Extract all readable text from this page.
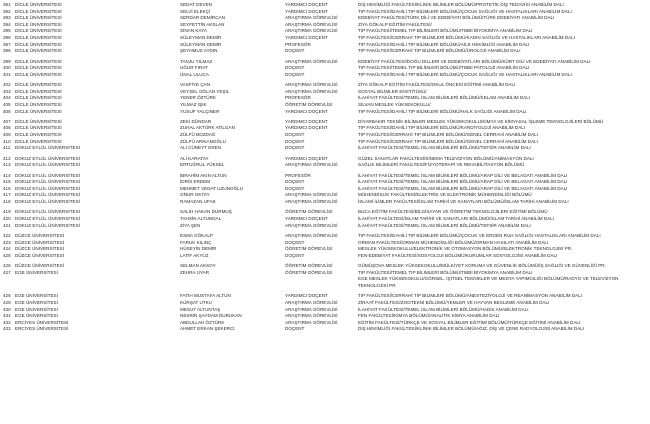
391 DİCLE ÜNİVERSİTESİ	SEDAT DEVEN	YARDIMCI DOÇENT	DİŞ HEKİMLİĞİ FAKÜLTESİ/KLİNİK BİLİMLER BÖLÜMÜ/PROTETİK DİŞ TEDAVİSİ ANABİLİM DALI
392 DİCLE ÜNİVERSİTESİ	SELVİ ELEKÇİ	YARDIMCI DOÇENT	TIP FAKÜLTESİ/DAHİLİ TIP BİLİMLERİ BÖLÜMÜ/ÇOCUK SAĞLIĞI VE HASTALIKLARI ANABİLİM DALI
393 DİCLE ÜNİVERSİTESİ	SERDAR DEMİRCAN	ARAŞTIRMA GÖREVLİSİ	EDEBİYAT FAKÜLTESİ/TÜRK DİLİ VE EDEBİYATI BÖLÜMÜ/TÜRK EDEBİYATI ANABİLİM DALI
394 DİCLE ÜNİVERSİTESİ	SEYFETTİN AKSLAN	ARAŞTIRMA GÖREVLİSİ	ZİYA GÖKALP EĞİTİM FAKÜLTESİ/
395 DİCLE ÜNİVERSİTESİ	SİNAN KAYA	ARAŞTIRMA GÖREVLİSİ	TIP FAKÜLTESİ/TEMEL TIP BİLİMLERİ BÖLÜMÜ/TIBBİ BİYOKİMYA ANABİLİM DALI
396 DİCLE ÜNİVERSİTESİ	SÜLEYMAN DEMİR	YARDIMCI DOÇENT	TIP FAKÜLTESİ/CERRAHİ TIP BİLİMLERİ BÖLÜMÜ/KADIN SAĞLIĞI VE HASTALIKLARI ANABİLİM DALI
397 DİCLE ÜNİVERSİTESİ	SÜLEYMAN DEMİR	PROFESÖR	TIP FAKÜLTESİ/DAHİLİ TIP BİLİMLERİ BÖLÜMÜ/AİLE HEKİMLİĞİ ANABİLİM DALI
398 DİCLE ÜNİVERSİTESİ	ŞEYHMUS AYDIN	DOÇENT	TIP FAKÜLTESİ/CERRAHİ TIP BİLİMLERİ BÖLÜMÜ/ÜROLOJİ ANABİLİM DALI
399 DİCLE ÜNİVERSİTESİ	TANJU YILMAZ	ARAŞTIRMA GÖREVLİSİ	EDEBİYAT FAKÜLTESİ/DOĞU DİLLERİ VE EDEBİYATLARI BÖLÜMÜ/KÜRT DİLİ VE EDEBİYATI ANABİLİM DALI
400 DİCLE ÜNİVERSİTESİ	UĞUR FIRAT	DOÇENT	TIP FAKÜLTESİ/TEMEL TIP BİLİMLERİ BÖLÜMÜ/TIBBİ PATOLOJİ ANABİLİM DALI
401 DİCLE ÜNİVERSİTESİ	ÜNAL ULUCA	DOÇENT	TIP FAKÜLTESİ/DAHİLİ TIP BİLİMLERİ BÖLÜMÜ/ÇOCUK SAĞLIĞI VE HASTALIKLARI ANABİLİM DALI
402 DİCLE ÜNİVERSİTESİ	VASFİYE ÇAN	ARAŞTIRMA GÖREVLİSİ	ZİYA GÖKALP EĞİTİM FAKÜLTESİ/OKUL ÖNCESİ EĞİTİMİ ANABİLİM DALI
403 DİCLE ÜNİVERSİTESİ	VEYSEL OĞLAN YEŞİL	ARAŞTIRMA GÖREVLİSİ	SOSYAL BİLİMLER ENSTİTÜSÜ/
404 DİCLE ÜNİVERSİTESİ	YENER ÖZTÜRK	PROFESÖR	İLAHİYAT FAKÜLTESİ/TEMEL İSLAM BİLİMLERİ BÖLÜMÜ/KELAM ANABİLİM DALI
405 DİCLE ÜNİVERSİTESİ	YILMAZ IŞIK	ÖĞRETİM GÖREVLİSİ	SİLVAN MESLEK YÜKSEKOKULU/
406 DİCLE ÜNİVERSİTESİ	YUSUF YALÇINER	YARDIMCI DOÇENT	TIP FAKÜLTESİ/DAHİLİ TIP BİLİMLERİ BÖLÜMÜ/HALK SAĞLIĞI ANABİLİM DALI
407 DİCLE ÜNİVERSİTESİ	ZEKİ DÜNDAR	YARDIMCI DOÇENT	DİYARBAKIR TEKNİK BİLİMLER MESLEK YÜKSEKOKULU/KİMYA VE KİMYASAL İŞLEME TEKNOLOJİLERİ BÖLÜMÜ
408 DİCLE ÜNİVERSİTESİ	ZUHAL AKTÜRK ATİLGAN	YARDIMCI DOÇENT	TIP FAKÜLTESİ/DAHİLİ TIP BİLİMLERİ BÖLÜMÜ/KARDİYOLOJİ ANABİLİM DALI
409 DİCLE ÜNİVERSİTESİ	ZÜLFÜ BOZDAĞ	DOÇENT	TIP FAKÜLTESİ/CERRAHİ TIP BİLİMLERİ BÖLÜMÜ/GENEL CERRAHİ ANABİLİM DALI
410 DİCLE ÜNİVERSİTESİ	ZÜLFÜ ARIKANOĞLU	DOÇENT	TIP FAKÜLTESİ/CERRAHİ TIP BİLİMLERİ BÖLÜMÜ/GENEL CERRAHİ ANABİLİM DALI
411	DOKUZ EYLÜL ÜNİVERSİTESİ	ALİ CÜNEYT EREN	DOÇENT	İLAHİYAT FAKÜLTESİ/TEMEL İSLAM BİLİMLERİ BÖLÜMÜ/TEFSİR ANABİLİM DALI
412 DOKUZ EYLÜL ÜNİVERSİTESİ	ALİ KARATAY	YARDIMCI DOÇENT	GÜZEL SANATLAR FAKÜLTESİ/SİNEMA TELEVİZYON BÖLÜMÜ/ANİMASYON DALI
413 DOKUZ EYLÜL ÜNİVERSİTESİ	ERTUĞRUL YÜKSEL	ARAŞTIRMA GÖREVLİSİ	SAĞLIK BİLİMLERİ FAKÜLTESİ/FİZYOTERAPİ VE REHABİLİTASYON BÖLÜMÜ
414 DOKUZ EYLÜL ÜNİVERSİTESİ	İBRAHİM AKIN ALTUN	PROFESÖR	İLAHİYAT FAKÜLTESİ/TEMEL İSLAM BİLİMLERİ BÖLÜMÜ/ARAP DİLİ VE BELAGATI ANABİLİM DALI
415 DOKUZ EYLÜL ÜNİVERSİTESİ	İDRİS ERDEM	DOÇENT	İLAHİYAT FAKÜLTESİ/TEMEL İSLAM BİLİMLERİ BÖLÜMÜ/ARAP DİLİ VE BELAGATI ANABİLİM DALI
416 DOKUZ EYLÜL ÜNİVERSİTESİ	MEHMET VEDAT UZUNOĞLU	DOÇENT	İLAHİYAT FAKÜLTESİ/TEMEL İSLAM BİLİMLERİ BÖLÜMÜ/ARAP DİLİ VE BELAGATI ANABİLİM DALI
417 DOKUZ EYLÜL ÜNİVERSİTESİ	ONUR OKTAY	ARAŞTIRMA GÖREVLİSİ	MÜHENDİSLİK FAKÜLTESİ/ELEKTRİK VE ELEKTRONİK MÜHENDİSLİĞİ BÖLÜMÜ
418 DOKUZ EYLÜL ÜNİVERSİTESİ	RAMAZAN UFAK	ARAŞTIRMA GÖREVLİSİ	İSLAMİ İLİMLER FAKÜLTESİ/İSLAM TARİHİ VE SANATLARI BÖLÜMÜ/İSLAM TARİHİ ANABİLİM DALI
419 DOKUZ EYLÜL ÜNİVERSİTESİ	SALİH HAKAN DURMUŞ	ÖĞRETİM GÖREVLİSİ	BUCA EĞİTİM FAKÜLTESİ/BİLGİSAYAR VE ÖĞRETİM TEKNOLOJİLERİ EĞİTİMİ BÖLÜMÜ
420 DOKUZ EYLÜL ÜNİVERSİTESİ	TAHSİN ALTUNDAL	YARDIMCI DOÇENT	İLAHİYAT FAKÜLTESİ/İSLAM TARİHİ VE SANATLARI BÖLÜMÜ/İSLAM TARİHİ ANABİLİM DALI
421 DOKUZ EYLÜL ÜNİVERSİTESİ	ZİYA ŞEN	ARAŞTIRMA GÖREVLİSİ	İLAHİYAT FAKÜLTESİ/TEMEL İSLAM BİLİMLERİ BÖLÜMÜ/TEFSİR ANABİLİM DALI
422 DÜZCE ÜNİVERSİTESİ	ESMA GÖKALP	ARAŞTIRMA GÖREVLİSİ	TIP FAKÜLTESİ/DAHİLİ TIP BİLİMLERİ BÖLÜMÜ/ÇOCUK VE ERGEN RUH SAĞLIĞI HASTALIKLARI ANABİLİM DALI
423 DÜZCE ÜNİVERSİTESİ	FARUK KILINÇ	DOÇENT	ORMAN FAKÜLTESİ/ORMAN MÜHENDİSLİĞİ BÖLÜMÜ/ORMAN HASILATI ANABİLİM DALI
424 DÜZCE ÜNİVERSİTESİ	HÜSEYİN DEMİR	ÖĞRETİM GÖREVLİSİ	MESLEK YÜKSEKOKULU/ELEKTRONİK VE OTOMASYON BÖLÜMÜ/ELEKTRONİK TEKNOLOJİSİ PR.
425 DÜZCE ÜNİVERSİTESİ	LATİF AKYÜZ	DOÇENT	FEN-EDEBİYAT FAKÜLTESİ/SOSYOLOJİ BÖLÜMÜ/KURUMLAR SOSYOLOJİSİ ANABİLİM DALI
426 DÜZCE ÜNİVERSİTESİ	SELMAN AKSOY	ÖĞRETİM GÖREVLİSİ	GÜMÜŞOVA MESLEK YÜKSEKOKULU/MÜLKİYET KORUMA VE GÜVENLİK BÖLÜMÜ/İŞ SAĞLIĞI VE GÜVENLİĞİ PR.
427 EGE ÜNİVERSİTESİ	ZEHRA UYAR	ÖĞRETİM GÖREVLİSİ	TIP FAKÜLTESİ/TEMEL TIP BİLİMLERİ BÖLÜMÜ/TIBBİ BİYOKİMYA ANABİLİM DALI
EGE MESLEK YÜKSEKOKULU/GÖRSEL, İŞİTSEL TEKNİKLER VE MEDYA YAPIMCILIĞI BÖLÜMÜ/RADYO VE TELEVİZYON
TEKNOLOJİSİ PR.
428 EGE ÜNİVERSİTESİ	FATİH MUSTAFA ALTUN	YARDIMCI DOÇENT	TIP FAKÜLTESİ/CERRAHİ TIP BİLİMLERİ BÖLÜMÜ/ANESTEZİYOLOJİ VE REANİMASYON ANABİLİM DALI
429 EGE ÜNİVERSİTESİ	KÜRŞAT UTKU	ARAŞTIRMA GÖREVLİSİ	ZİRAAT FAKÜLTESİ/ZOOTEKNİ BÖLÜMÜ/YEMLER VE HAYVAN BESLEME ANABİLİM DALI
430 EGE ÜNİVERSİTESİ	MESUT ALTUNTAŞ	ARAŞTIRMA GÖREVLİSİ	İLAHİYAT FAKÜLTESİ/TEMEL İSLAM BİLİMLERİ BÖLÜMÜ/HADİS ANABİLİM DALI
431 EGE ÜNİVERSİTESİ	NESRİN ŞAYDAM DURUKAN	ARAŞTIRMA GÖREVLİSİ	FEN FAKÜLTESİ/KİMYA BÖLÜMÜ/ANALİTİK KİMYA ANABİLİM DALI
432 ERCİYES ÜNİVERSİTESİ	ABDULLAH ÖZTÜRK	ARAŞTIRMA GÖREVLİSİ	EĞİTİM FAKÜLTESİ/TÜRKÇE VE SOSYAL BİLİMLER EĞİTİMİ BÖLÜMÜ/TÜRKÇE EĞİTİMİ ANABİLİM DALI
433 ERCİYES ÜNİVERSİTESİ	AHMET ERKAN ŞEKERCİ	DOÇENT	DİŞ HEKİMLİĞİ FAKÜLTESİ/KLİNİK BİLİMLER BÖLÜMÜ/AĞIZ, DİŞ VE ÇENE RADYOLOJİSİ ANABİLİM DALI
